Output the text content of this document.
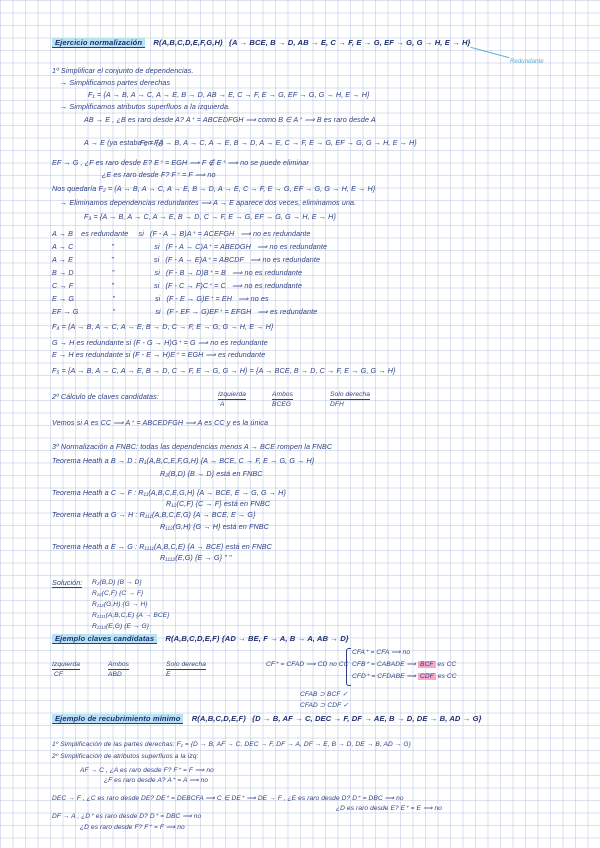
Ejercicio normalización R(A,B,C,D,E,F,G,H) {A → BCE, B → D, AB → E, C → F, E → G, EF → G, G → H, E → H}
Redundante
1º Simplificar el conjunto de dependencias.
→ Simplificamos partes derechas
F₁ = {A → B, A → C, A → E, B → D, AB → E, C → F, E → G, EF → G, G → H, E → H}
→ Simplificamos atributos superfluos a la izquierda.
AB → E , ¿B es raro desde A? A⁺ = ABCEDFGH ⟹ como B ∈ A⁺ ⟹ B es raro desde A
A → E (ya estaba en F₁)
F₂ = {A → B, A → C, A → E, B → D, A → E, C → F, E → G, EF → G, G → H, E → H}
EF → G , ¿F es raro desde E? E⁺ = EGH ⟹ F ∉ E⁺ ⟹ no se puede eliminar
¿E es raro desde F? F⁺ = F ⟹ no
Nos quedaría F₂ = {A → B, A → C, A → E, B → D, A → E, C → F, E → G, EF → G, G → H, E → H}
→ Eliminamos dependencias redundantes ⟹ A → E aparece dos veces, eliminamos una.
F₃ = {A → B, A → C, A → E, B → D, C → F, E → G, EF → G, G → H, E → H}
A → B es redundante si (F - A → B)A⁺ = ACEFGH ⟹ no es redundante
A → C	"	si (F - A → C)A⁺ = ABEDGH ⟹ no es redundante
A → E	"	si (F - A → E)A⁺ = ABCDF ⟹ no es redundante
B → D	"	si (F - B → D)B⁺ = B ⟹ no es redundante
C → F	"	si (F - C → F)C⁺ = C ⟹ no es redundante
E → G	"	si (F - E → G)E⁺ = EH ⟹ no es
EF → G	"	si (F - EF → G)EF⁺ = EFGH ⟹ es redundante
F₄ = {A → B, A → C, A → E, B → D, C → F, E → G, G → H, E → H}
G → H es redundante si (F - G → H)G⁺ = G ⟹ no es redundante
E → H es redundante si (F - E → H)E⁺ = EGH ⟹ es redundante
F₅ = {A → B, A → C, A → E, B → D, C → F, E → G, G → H} = {A → BCE, B → D, C → F, E → G, G → H}
2º Cálculo de claves candidatas:	Izquierda	Ambos	Solo derecha
A	BCEG	DFH
Vemos si A es CC ⟹ A⁺ = ABCEDFGH ⟹ A es CC y es la única
3º Normalización a FNBC: todas las dependencias menos A → BCE rompen la FNBC
Teorema Heath a B → D : R₁(A,B,C,E,F,G,H) {A → BCE, C → F, E → G, G → H}
R₂(B,D) {B → D} está en FNBC
Teorema Heath a C → F : R₁₁(A,B,C,E,G,H) {A → BCE, E → G, G → H}
R₁₂(C,F) {C → F} está en FNBC
Teorema Heath a G → H : R₁₁₁(A,B,C,E,G) {A → BCE, E → G}
R₁₁₂(G,H) {G → H} está en FNBC
Teorema Heath a E → G : R₁₁₁₁(A,B,C,E) {A → BCE} está en FNBC
R₁₁₁₂(E,G) {E → G} " "
Solución: R₂(B,D) {B → D}
R₁₂(C,F) {C → F}
R₁₁₂(G,H) {G → H}
R₁₁₁₁(A,B,C,E) {A → BCE}
R₁₁₁₂(E,G) {E → G}
Ejemplo claves candidatas R(A,B,C,D,E,F) {AD → BE, F → A, B → A, AB → D}
Izquierda	Ambos	Solo derecha
CF	ABD	E
CF⁺ = CFAD ⟹ CD no CC
CFA⁺ = CFA ⟹ no
CFB⁺ = CABADE ⟹ BCF es CC
CFD⁺ = CFDABE ⟹ CDF es CC
CFAB ⊃ BCF ✓
CFAD ⊃ CDF ✓
Ejemplo de recubrimiento mínimo R(A,B,C,D,E,F) {D → B, AF → C, DEC → F, DF → AE, B → D, DE → B, AD → G}
1º Simplificación de las partes derechas: F₁ = {D → B, AF → C, DEC → F, DF → A, DF → E, B → D, DE → B, AD → G}
2º Simplificación de atributos superfluos a la izq:
AF → C , ¿A es raro desde F? F⁺ = F ⟹ no
¿F es raro desde A? A⁺ = A ⟹ no
DEC → F , ¿C es raro desde DE? DE⁺ = DEBCFA ⟹ C ∈ DE⁺ ⟹ DE → F , ¿E es raro desde D? D⁺ = DBC ⟹ no
¿D es raro desde E? E⁺ = E ⟹ no
DF → A , ¿D⁺ es raro desde D? D⁺ = DBC ⟹ no
¿D es raro desde F? F⁺ = F ⟹ no
